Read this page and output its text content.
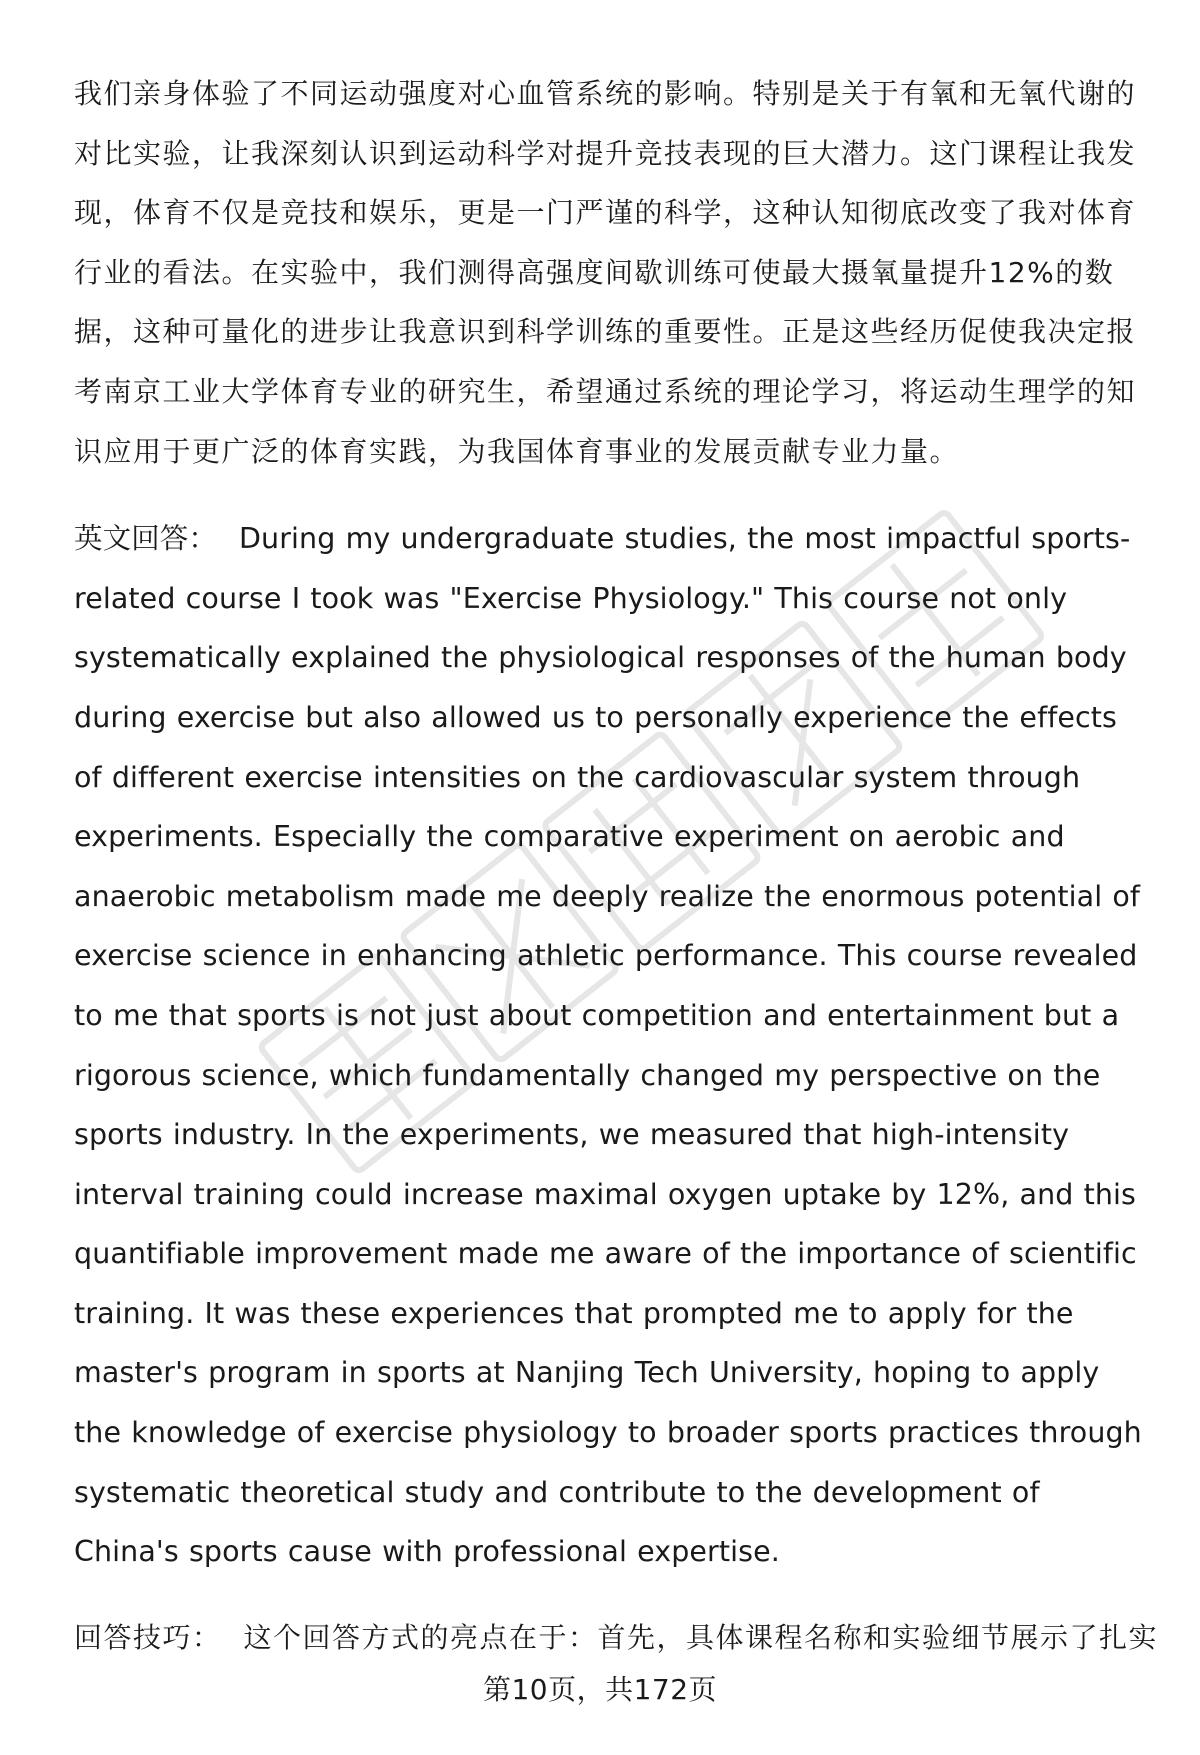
我们亲身体验了不同运动强度对心血管系统的影响。特别是关于有氧和无氧代谢的对比实验，让我深刻认识到运动科学对提升竞技表现的巨大潜力。这门课程让我发现，体育不仅是竞技和娱乐，更是一门严谨的科学，这种认知彻底改变了我对体育行业的看法。在实验中，我们测得高强度间歇训练可使最大摄氧量提升12%的数据，这种可量化的进步让我意识到科学训练的重要性。正是这些经历促使我决定报考南京工业大学体育专业的研究生，希望通过系统的理论学习，将运动生理学的知识应用于更广泛的体育实践，为我国体育事业的发展贡献专业力量。

英文回答： During my undergraduate studies, the most impactful sports-related course I took was "Exercise Physiology." This course not only systematically explained the physiological responses of the human body during exercise but also allowed us to personally experience the effects of different exercise intensities on the cardiovascular system through experiments. Especially the comparative experiment on aerobic and anaerobic metabolism made me deeply realize the enormous potential of exercise science in enhancing athletic performance. This course revealed to me that sports is not just about competition and entertainment but a rigorous science, which fundamentally changed my perspective on the sports industry. In the experiments, we measured that high-intensity interval training could increase maximal oxygen uptake by 12%, and this quantifiable improvement made me aware of the importance of scientific training. It was these experiences that prompted me to apply for the master's program in sports at Nanjing Tech University, hoping to apply the knowledge of exercise physiology to broader sports practices through systematic theoretical study and contribute to the development of China's sports cause with professional expertise.

回答技巧： 这个回答方式的亮点在于：首先，具体课程名称和实验细节展示了扎实

第10页，共172页
